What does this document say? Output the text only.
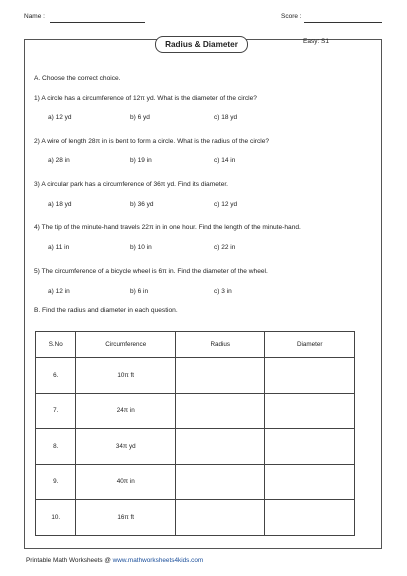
Name :	Score :
Radius & Diameter	Easy: S1
A. Choose the correct choice.
1) A circle has a circumference of 12π yd. What is the diameter of the circle?
a) 12 yd	b) 6 yd	c) 18 yd
2) A wire of length 28π in is bent to form a circle. What is the radius of the circle?
a) 28 in	b) 19 in	c) 14 in
3) A circular park has a circumference of 36π yd. Find its diameter.
a) 18 yd	b) 36 yd	c) 12 yd
4) The tip of the minute-hand travels 22π in in one hour. Find the length of the minute-hand.
a) 11 in	b) 10 in	c) 22 in
5) The circumference of a bicycle wheel is 6π in. Find the diameter of the wheel.
a) 12 in	b) 6 in	c) 3 in
B. Find the radius and diameter in each question.
S.No	Circumference	Radius	Diameter
6.	10π ft		
7.	24π in		
8.	34π yd		
9.	40π in		
10.	16π ft		
Printable Math Worksheets @ www.mathworksheets4kids.com
